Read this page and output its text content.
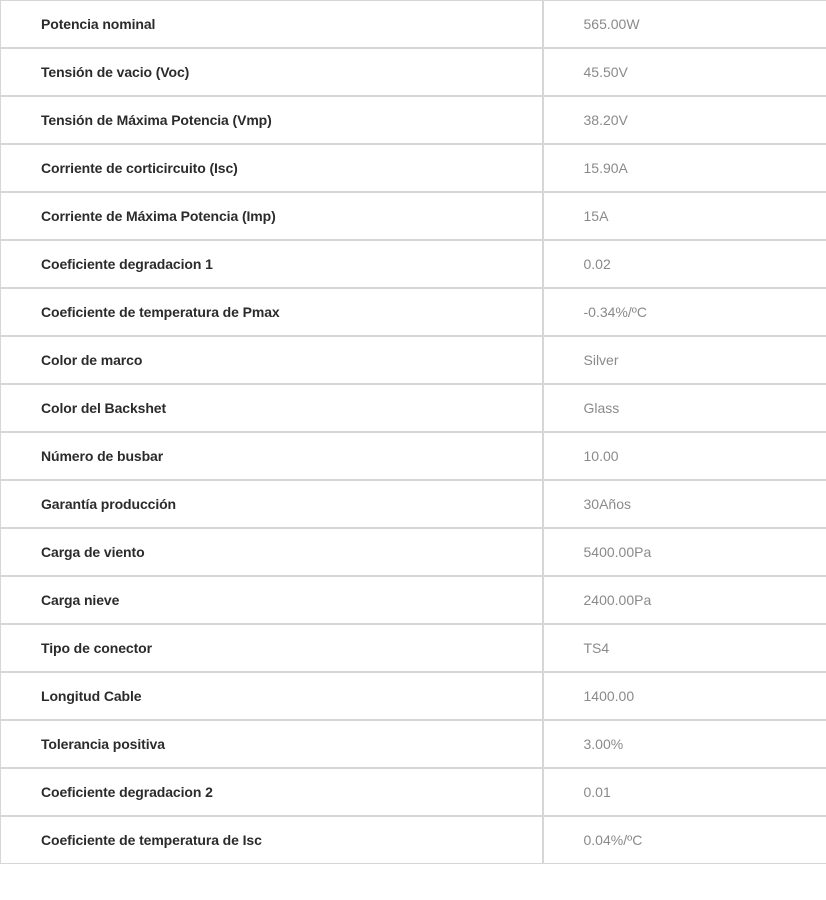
Potencia nominal	565.00W

Tensión de vacio (Voc)	45.50V

Tensión de Máxima Potencia (Vmp)	38.20V

Corriente de corticircuito (Isc)	15.90A

Corriente de Máxima Potencia (Imp)	15A

Coeficiente degradacion 1	0.02

Coeficiente de temperatura de Pmax	-0.34%/ºC

Color de marco	Silver

Color del Backshet	Glass

Número de busbar	10.00

Garantía producción	30Años

Carga de viento	5400.00Pa

Carga nieve	2400.00Pa

Tipo de conector	TS4

Longitud Cable	1400.00

Tolerancia positiva	3.00%

Coeficiente degradacion 2	0.01

Coeficiente de temperatura de Isc	0.04%/ºC
